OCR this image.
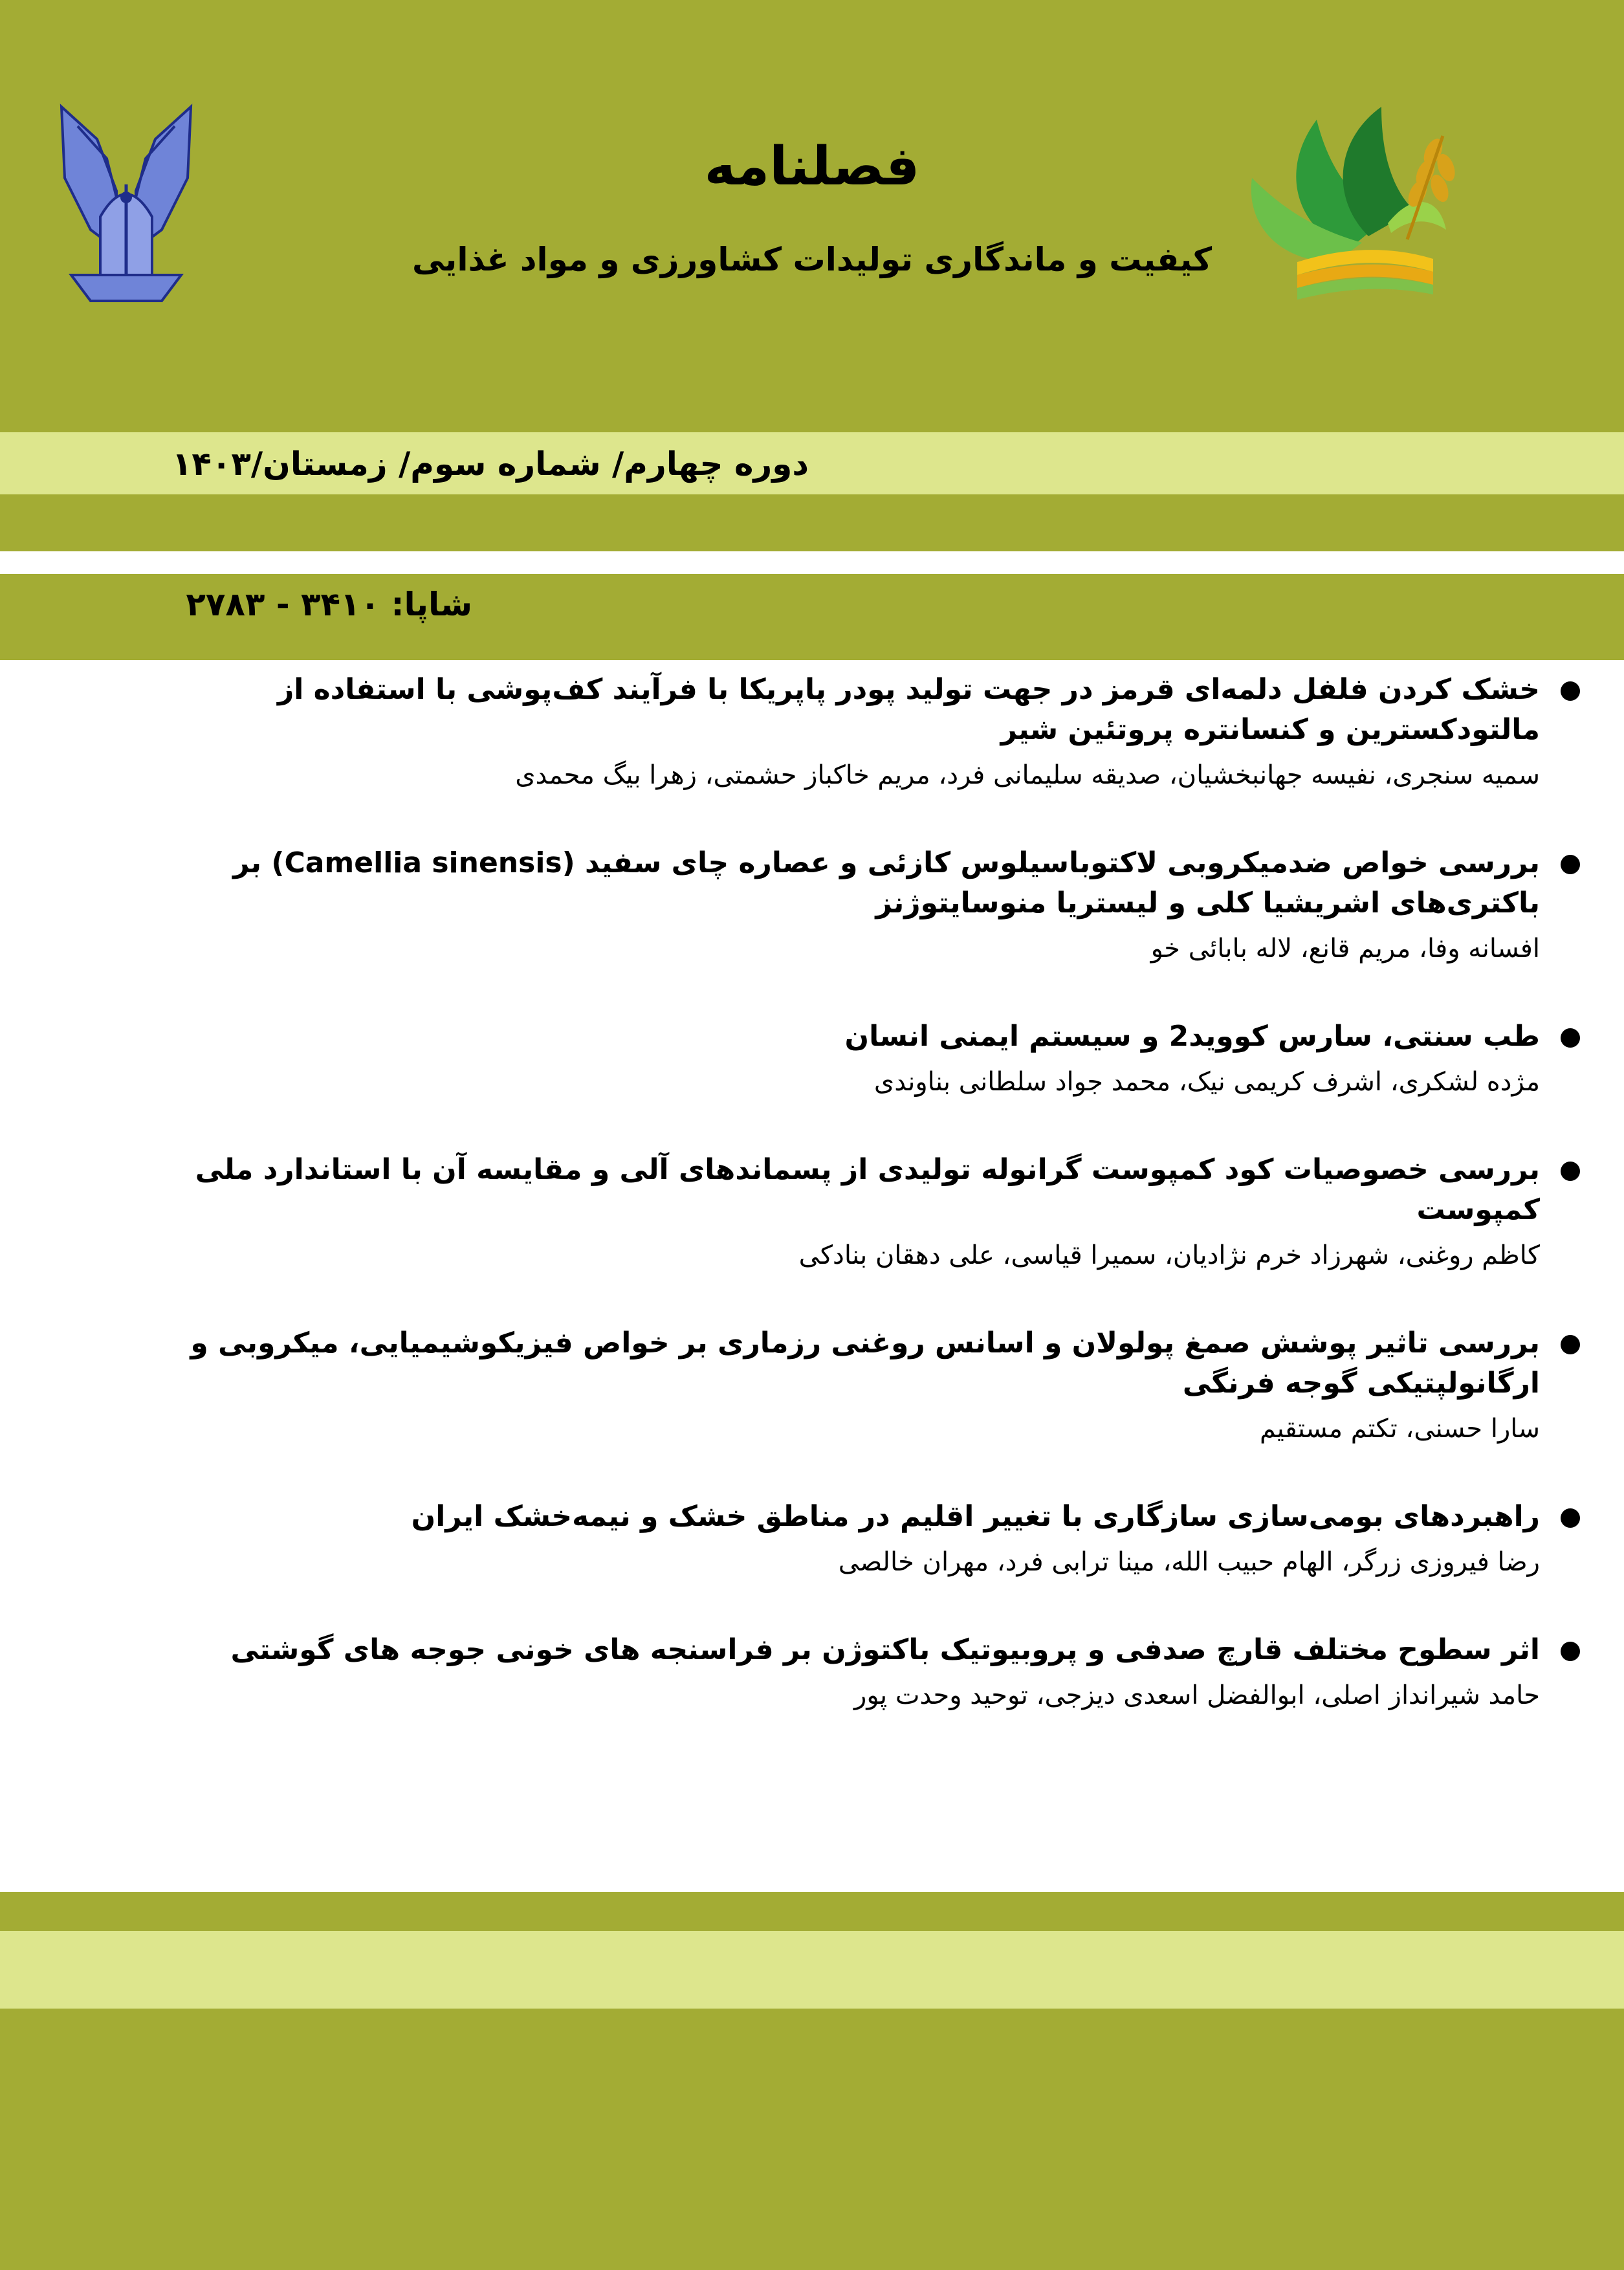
فصلنامه
کیفیت و ماندگاری تولیدات کشاورزی و مواد غذایی
دوره چهارم/ شماره سوم/ زمستان/۱۴۰۳
شاپا: ۳۴۱۰ - ۲۷۸۳
خشک کردن فلفل دلمه‌ای قرمز در جهت تولید پودر پاپریکا با فرآیند کف‌پوشی با استفاده از مالتودکسترین و کنسانتره پروتئین شیر
سمیه سنجری، نفیسه جهانبخشیان، صدیقه سلیمانی فرد، مریم خاکباز حشمتی، زهرا بیگ محمدی
بررسی خواص ضدمیکروبی لاکتوباسیلوس کازئی و عصاره چای سفید (Camellia sinensis) بر باکتری‌های اشریشیا کلی و لیستریا منوسایتوژنز
افسانه وفا، مریم قانع، لاله بابائی خو
طب سنتی، سارس کووید2 و سیستم ایمنی انسان
مژده لشکری، اشرف کریمی نیک، محمد جواد سلطانی بناوندی
بررسی خصوصیات کود کمپوست گرانوله تولیدی از پسماندهای آلی و مقایسه آن با استاندارد ملی کمپوست
کاظم روغنی، شهرزاد خرم نژادیان، سمیرا قیاسی، علی دهقان بنادکی
بررسی تاثیر پوشش صمغ پولولان و اسانس روغنی رزماری بر خواص فیزیکوشیمیایی، میکروبی و ارگانولپتیکی گوجه فرنگی
سارا حسنی، تکتم مستقیم
راهبردهای بومی‌سازی سازگاری با تغییر اقلیم در مناطق خشک و نیمه‌خشک ایران
رضا فیروزی زرگر، الهام حبیب الله، مینا ترابی فرد، مهران خالصی
اثر سطوح مختلف قارچ صدفی و پروبیوتیک باکتوژن بر فراسنجه های خونی جوجه های گوشتی
حامد شیرانداز اصلی، ابوالفضل اسعدی دیزجی، توحید وحدت پور
